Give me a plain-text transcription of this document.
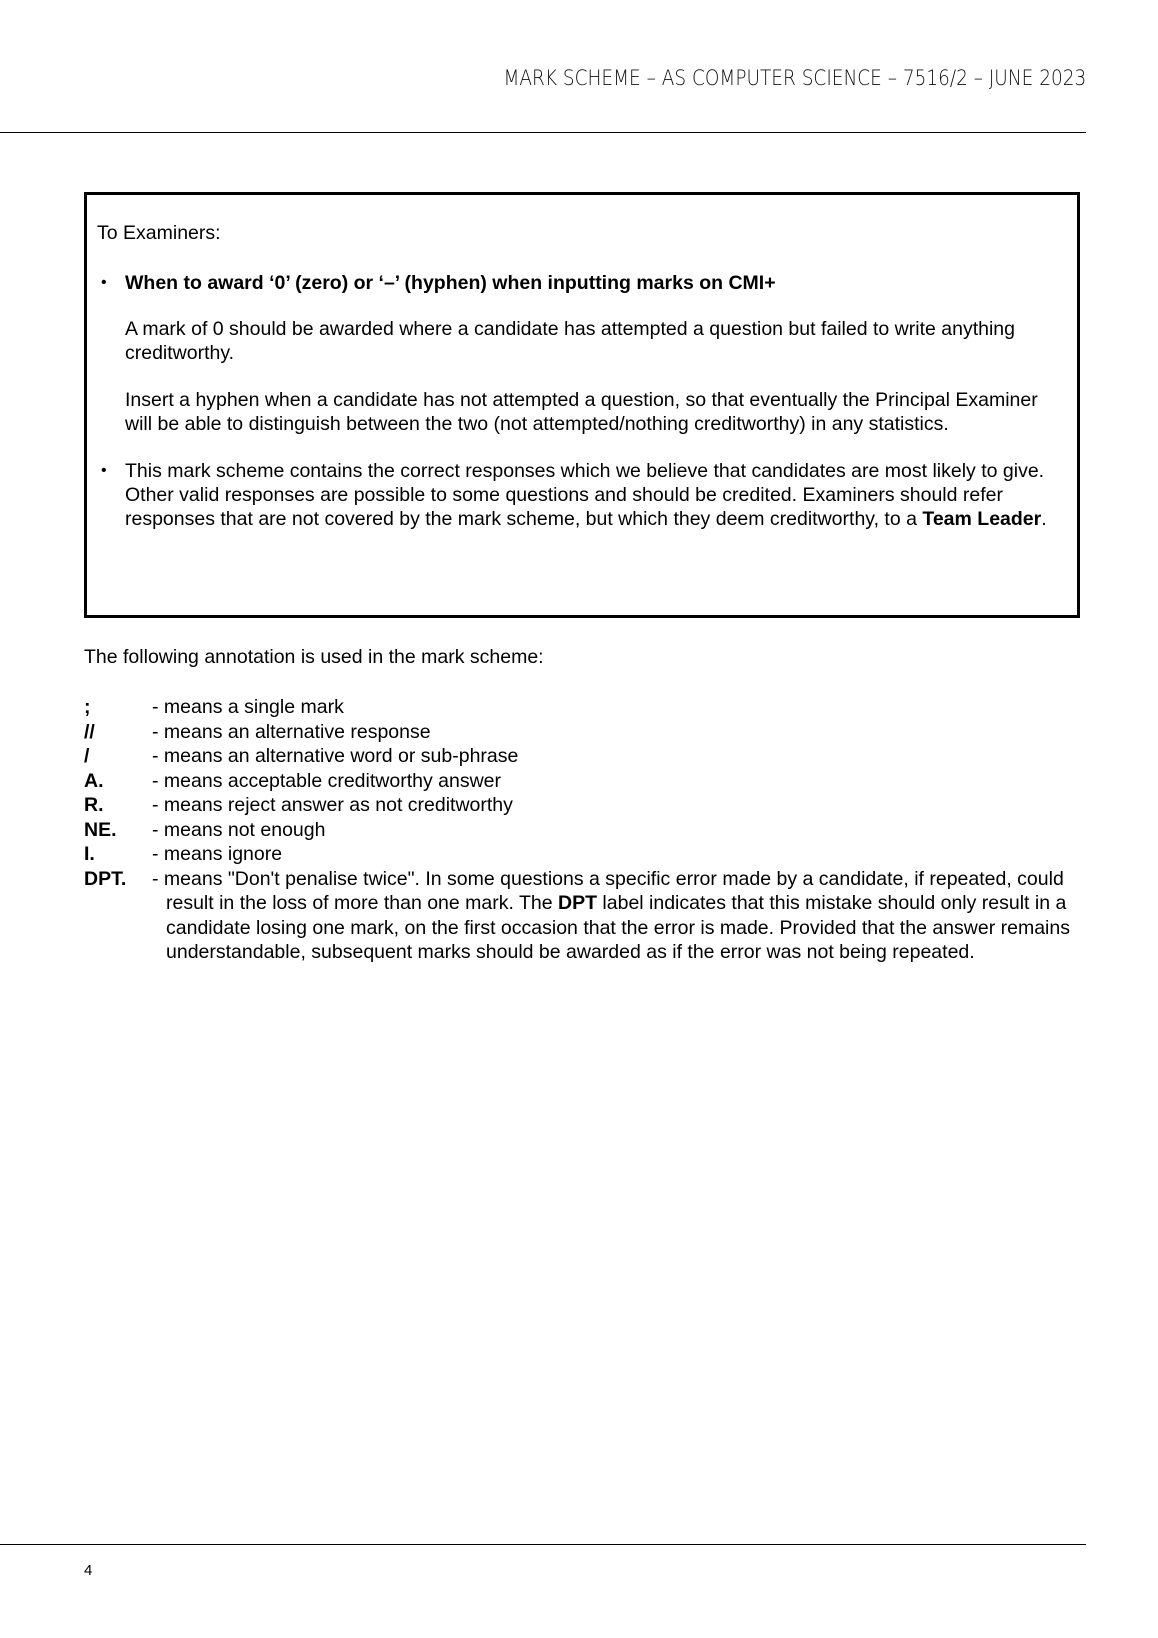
MARK SCHEME – AS COMPUTER SCIENCE – 7516/2 – JUNE 2023

To Examiners:

• When to award ‘0’ (zero) or ‘–’ (hyphen) when inputting marks on CMI+

A mark of 0 should be awarded where a candidate has attempted a question but failed to write anything creditworthy.

Insert a hyphen when a candidate has not attempted a question, so that eventually the Principal Examiner will be able to distinguish between the two (not attempted/nothing creditworthy) in any statistics.

• This mark scheme contains the correct responses which we believe that candidates are most likely to give. Other valid responses are possible to some questions and should be credited. Examiners should refer responses that are not covered by the mark scheme, but which they deem creditworthy, to a Team Leader.
The following annotation is used in the mark scheme:
;	- means a single mark
//	- means an alternative response
/	- means an alternative word or sub-phrase
A.	- means acceptable creditworthy answer
R.	- means reject answer as not creditworthy
NE.	- means not enough
I.	- means ignore
DPT.	- means "Don't penalise twice". In some questions a specific error made by a candidate, if repeated, could result in the loss of more than one mark. The DPT label indicates that this mistake should only result in a candidate losing one mark, on the first occasion that the error is made. Provided that the answer remains understandable, subsequent marks should be awarded as if the error was not being repeated.
4
